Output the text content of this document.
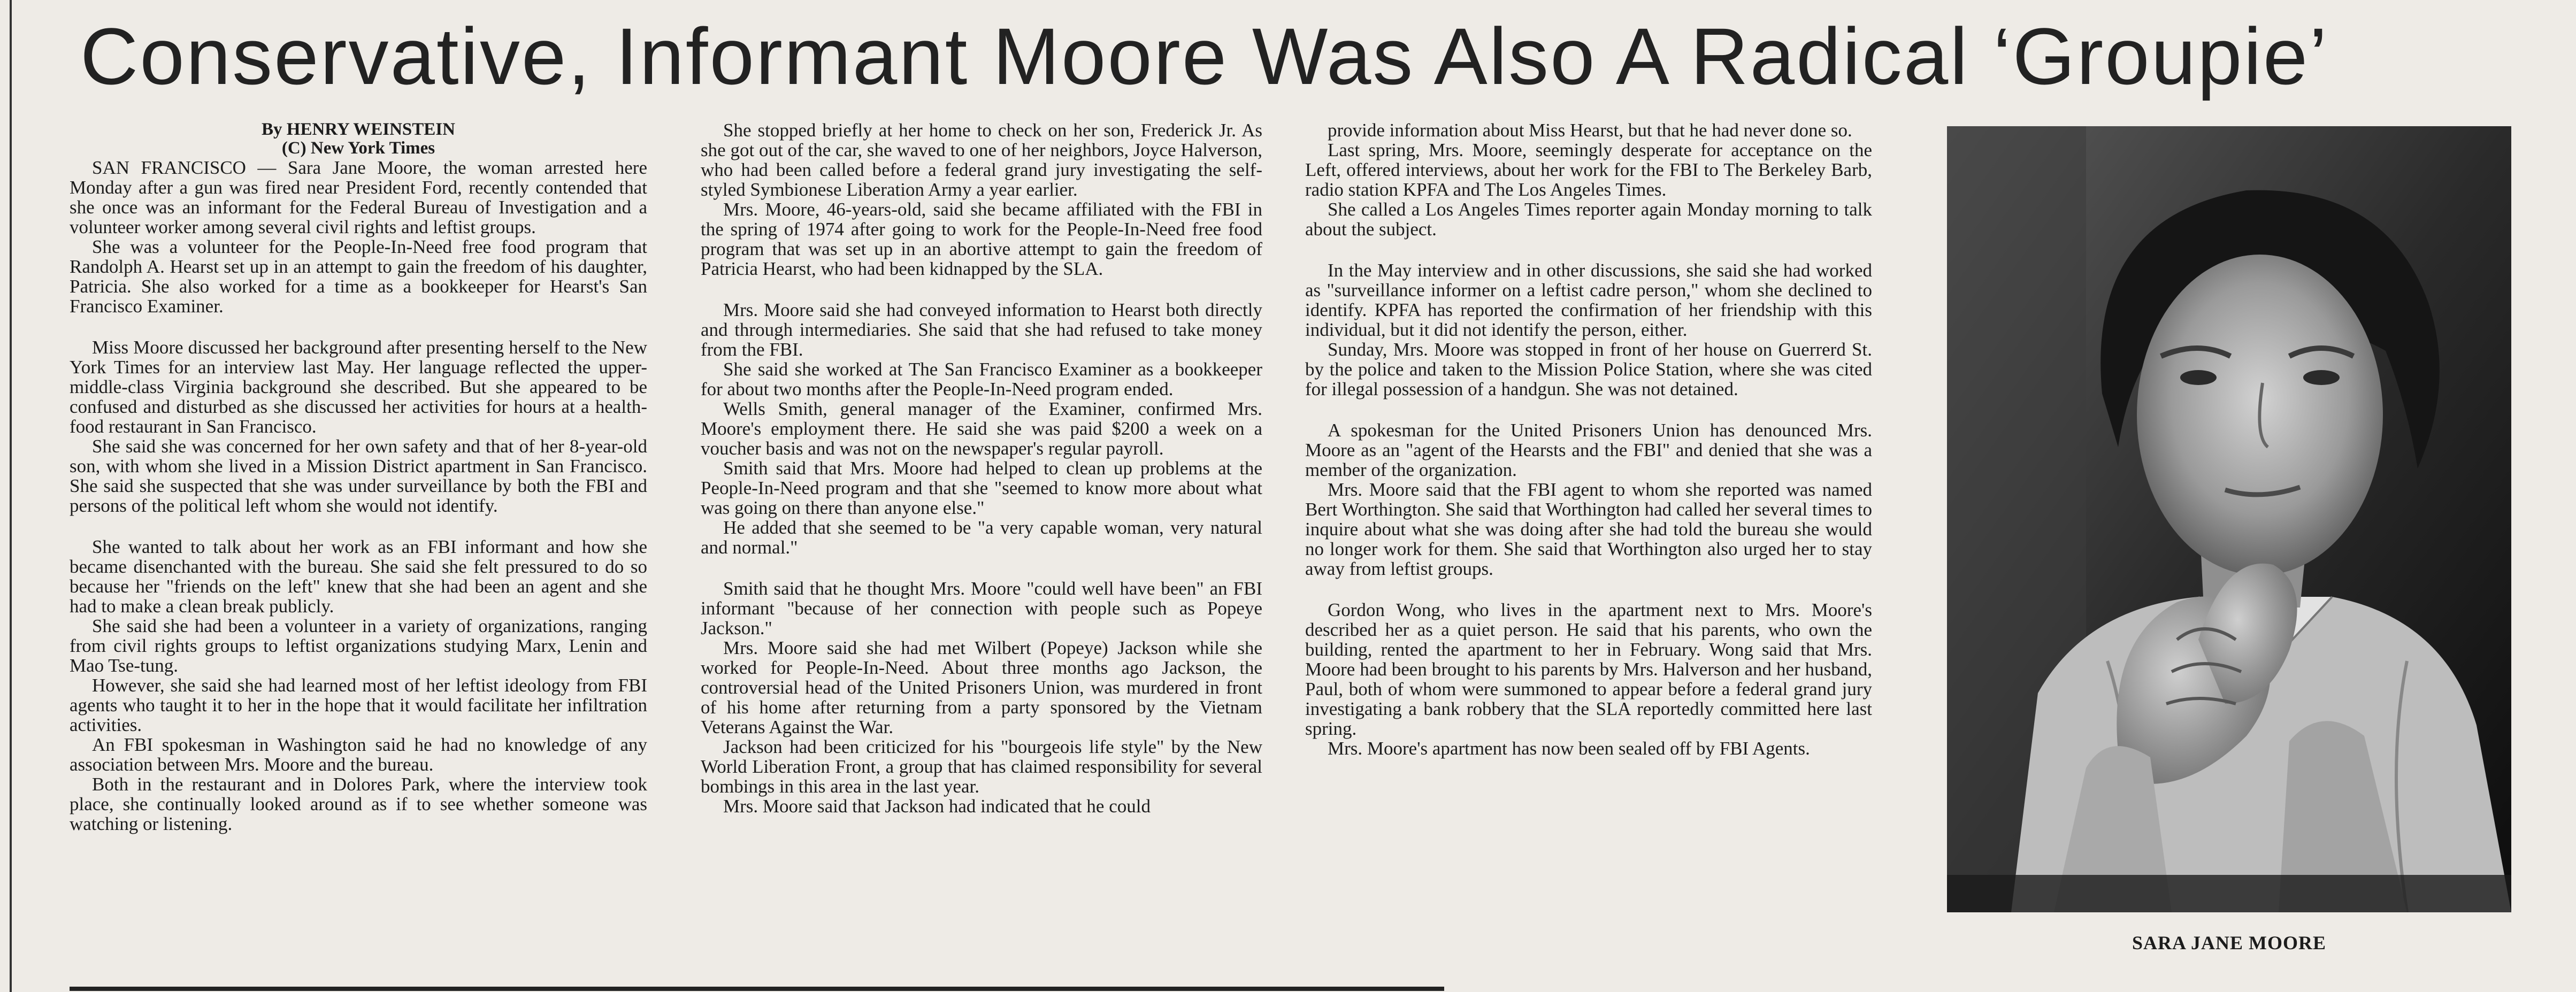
Conservative, Informant Moore Was Also A Radical ‘Groupie’
By HENRY WEINSTEIN
(C) New York Times

SAN FRANCISCO — Sara Jane Moore, the woman arrested here Monday after a gun was fired near President Ford, recently contended that she once was an informant for the Federal Bureau of Investigation and a volunteer worker among several civil rights and leftist groups.

She was a volunteer for the People-In-Need free food program that Randolph A. Hearst set up in an attempt to gain the freedom of his daughter, Patricia. She also worked for a time as a bookkeeper for Hearst's San Francisco Examiner.

Miss Moore discussed her background after presenting herself to the New York Times for an interview last May. Her language reflected the upper-middle-class Virginia background she described. But she appeared to be confused and disturbed as she discussed her activities for hours at a health-food restaurant in San Francisco.

She said she was concerned for her own safety and that of her 8-year-old son, with whom she lived in a Mission District apartment in San Francisco. She said she suspected that she was under surveillance by both the FBI and persons of the political left whom she would not identify.

She wanted to talk about her work as an FBI informant and how she became disenchanted with the bureau. She said she felt pressured to do so because her "friends on the left" knew that she had been an agent and she had to make a clean break publicly.

She said she had been a volunteer in a variety of organizations, ranging from civil rights groups to leftist organizations studying Marx, Lenin and Mao Tse-tung.

However, she said she had learned most of her leftist ideology from FBI agents who taught it to her in the hope that it would facilitate her infiltration activities.

An FBI spokesman in Washington said he had no knowledge of any association between Mrs. Moore and the bureau.

Both in the restaurant and in Dolores Park, where the interview took place, she continually looked around as if to see whether someone was watching or listening.

She stopped briefly at her home to check on her son, Frederick Jr. As she got out of the car, she waved to one of her neighbors, Joyce Halverson, who had been called before a federal grand jury investigating the self-styled Symbionese Liberation Army a year earlier.

Mrs. Moore, 46-years-old, said she became affiliated with the FBI in the spring of 1974 after going to work for the People-In-Need free food program that was set up in an abortive attempt to gain the freedom of Patricia Hearst, who had been kidnapped by the SLA.

Mrs. Moore said she had conveyed information to Hearst both directly and through intermediaries. She said that she had refused to take money from the FBI.

She said she worked at The San Francisco Examiner as a bookkeeper for about two months after the People-In-Need program ended.

Wells Smith, general manager of the Examiner, confirmed Mrs. Moore's employment there. He said she was paid $200 a week on a voucher basis and was not on the newspaper's regular payroll.

Smith said that Mrs. Moore had helped to clean up problems at the People-In-Need program and that she "seemed to know more about what was going on there than anyone else."

He added that she seemed to be "a very capable woman, very natural and normal."

Smith said that he thought Mrs. Moore "could well have been" an FBI informant "because of her connection with people such as Popeye Jackson."

Mrs. Moore said she had met Wilbert (Popeye) Jackson while she worked for People-In-Need. About three months ago Jackson, the controversial head of the United Prisoners Union, was murdered in front of his home after returning from a party sponsored by the Vietnam Veterans Against the War.

Jackson had been criticized for his "bourgeois life style" by the New World Liberation Front, a group that has claimed responsibility for several bombings in this area in the last year.

Mrs. Moore said that Jackson had indicated that he could

provide information about Miss Hearst, but that he had never done so.

Last spring, Mrs. Moore, seemingly desperate for acceptance on the Left, offered interviews, about her work for the FBI to The Berkeley Barb, radio station KPFA and The Los Angeles Times.

She called a Los Angeles Times reporter again Monday morning to talk about the subject.

In the May interview and in other discussions, she said she had worked as "surveillance informer on a leftist cadre person," whom she declined to identify. KPFA has reported the confirmation of her friendship with this individual, but it did not identify the person, either.

Sunday, Mrs. Moore was stopped in front of her house on Guerrerd St. by the police and taken to the Mission Police Station, where she was cited for illegal possession of a handgun. She was not detained.

A spokesman for the United Prisoners Union has denounced Mrs. Moore as an "agent of the Hearsts and the FBI" and denied that she was a member of the organization.

Mrs. Moore said that the FBI agent to whom she reported was named Bert Worthington. She said that Worthington had called her several times to inquire about what she was doing after she had told the bureau she would no longer work for them. She said that Worthington also urged her to stay away from leftist groups.

Gordon Wong, who lives in the apartment next to Mrs. Moore's described her as a quiet person. He said that his parents, who own the building, rented the apartment to her in February. Wong said that Mrs. Moore had been brought to his parents by Mrs. Halverson and her husband, Paul, both of whom were summoned to appear before a federal grand jury investigating a bank robbery that the SLA reportedly committed here last spring.

Mrs. Moore's apartment has now been sealed off by FBI Agents.

SARA JANE MOORE
